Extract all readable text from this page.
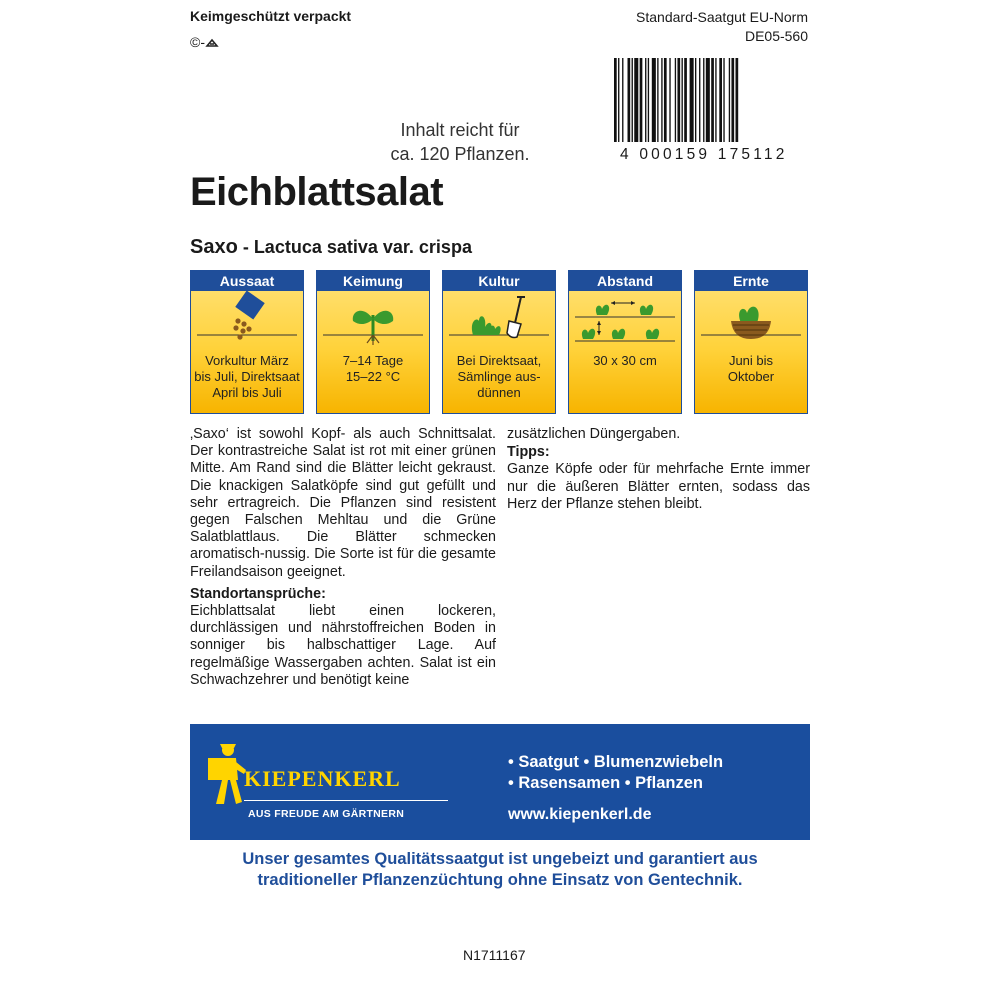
Keimgeschützt verpackt
©-
Standard-Saatgut EU-Norm
DE05-560
4 000159 175112
Inhalt reicht für
ca. 120 Pflanzen.
Eichblattsalat
Saxo - Lactuca sativa var. crispa
Aussaat
Vorkultur März
bis Juli, Direktsaat
April bis Juli
Keimung
7–14 Tage
15–22 °C
Kultur
Bei Direktsaat,
Sämlinge aus-
dünnen
Abstand
30 x 30 cm
Ernte
Juni bis
Oktober
‚Saxo‘ ist sowohl Kopf- als auch Schnittsalat. Der kontrastreiche Salat ist rot mit einer grünen Mitte. Am Rand sind die Blätter leicht gekraust. Die knackigen Salatköpfe sind gut gefüllt und sehr ertragreich. Die Pflanzen sind resistent gegen Falschen Mehltau und die Grüne Salatblattlaus. Die Blätter schmecken aromatisch-nussig. Die Sorte ist für die gesamte Freilandsaison geeignet.
Standortansprüche:
Eichblattsalat liebt einen lockeren, durchlässigen und nährstoffreichen Boden in sonniger bis halbschattiger Lage. Auf regelmäßige Wassergaben achten. Salat ist ein Schwachzehrer und benötigt keine
zusätzlichen Düngergaben.
Tipps:
Ganze Köpfe oder für mehrfache Ernte immer nur die äußeren Blätter ernten, sodass das Herz der Pflanze stehen bleibt.
KIEPENKERL
AUS FREUDE AM GÄRTNERN
• Saatgut • Blumenzwiebeln
• Rasensamen • Pflanzen
www.kiepenkerl.de
Unser gesamtes Qualitätssaatgut ist ungebeizt und garantiert aus
traditioneller Pflanzenzüchtung ohne Einsatz von Gentechnik.
N1711167
